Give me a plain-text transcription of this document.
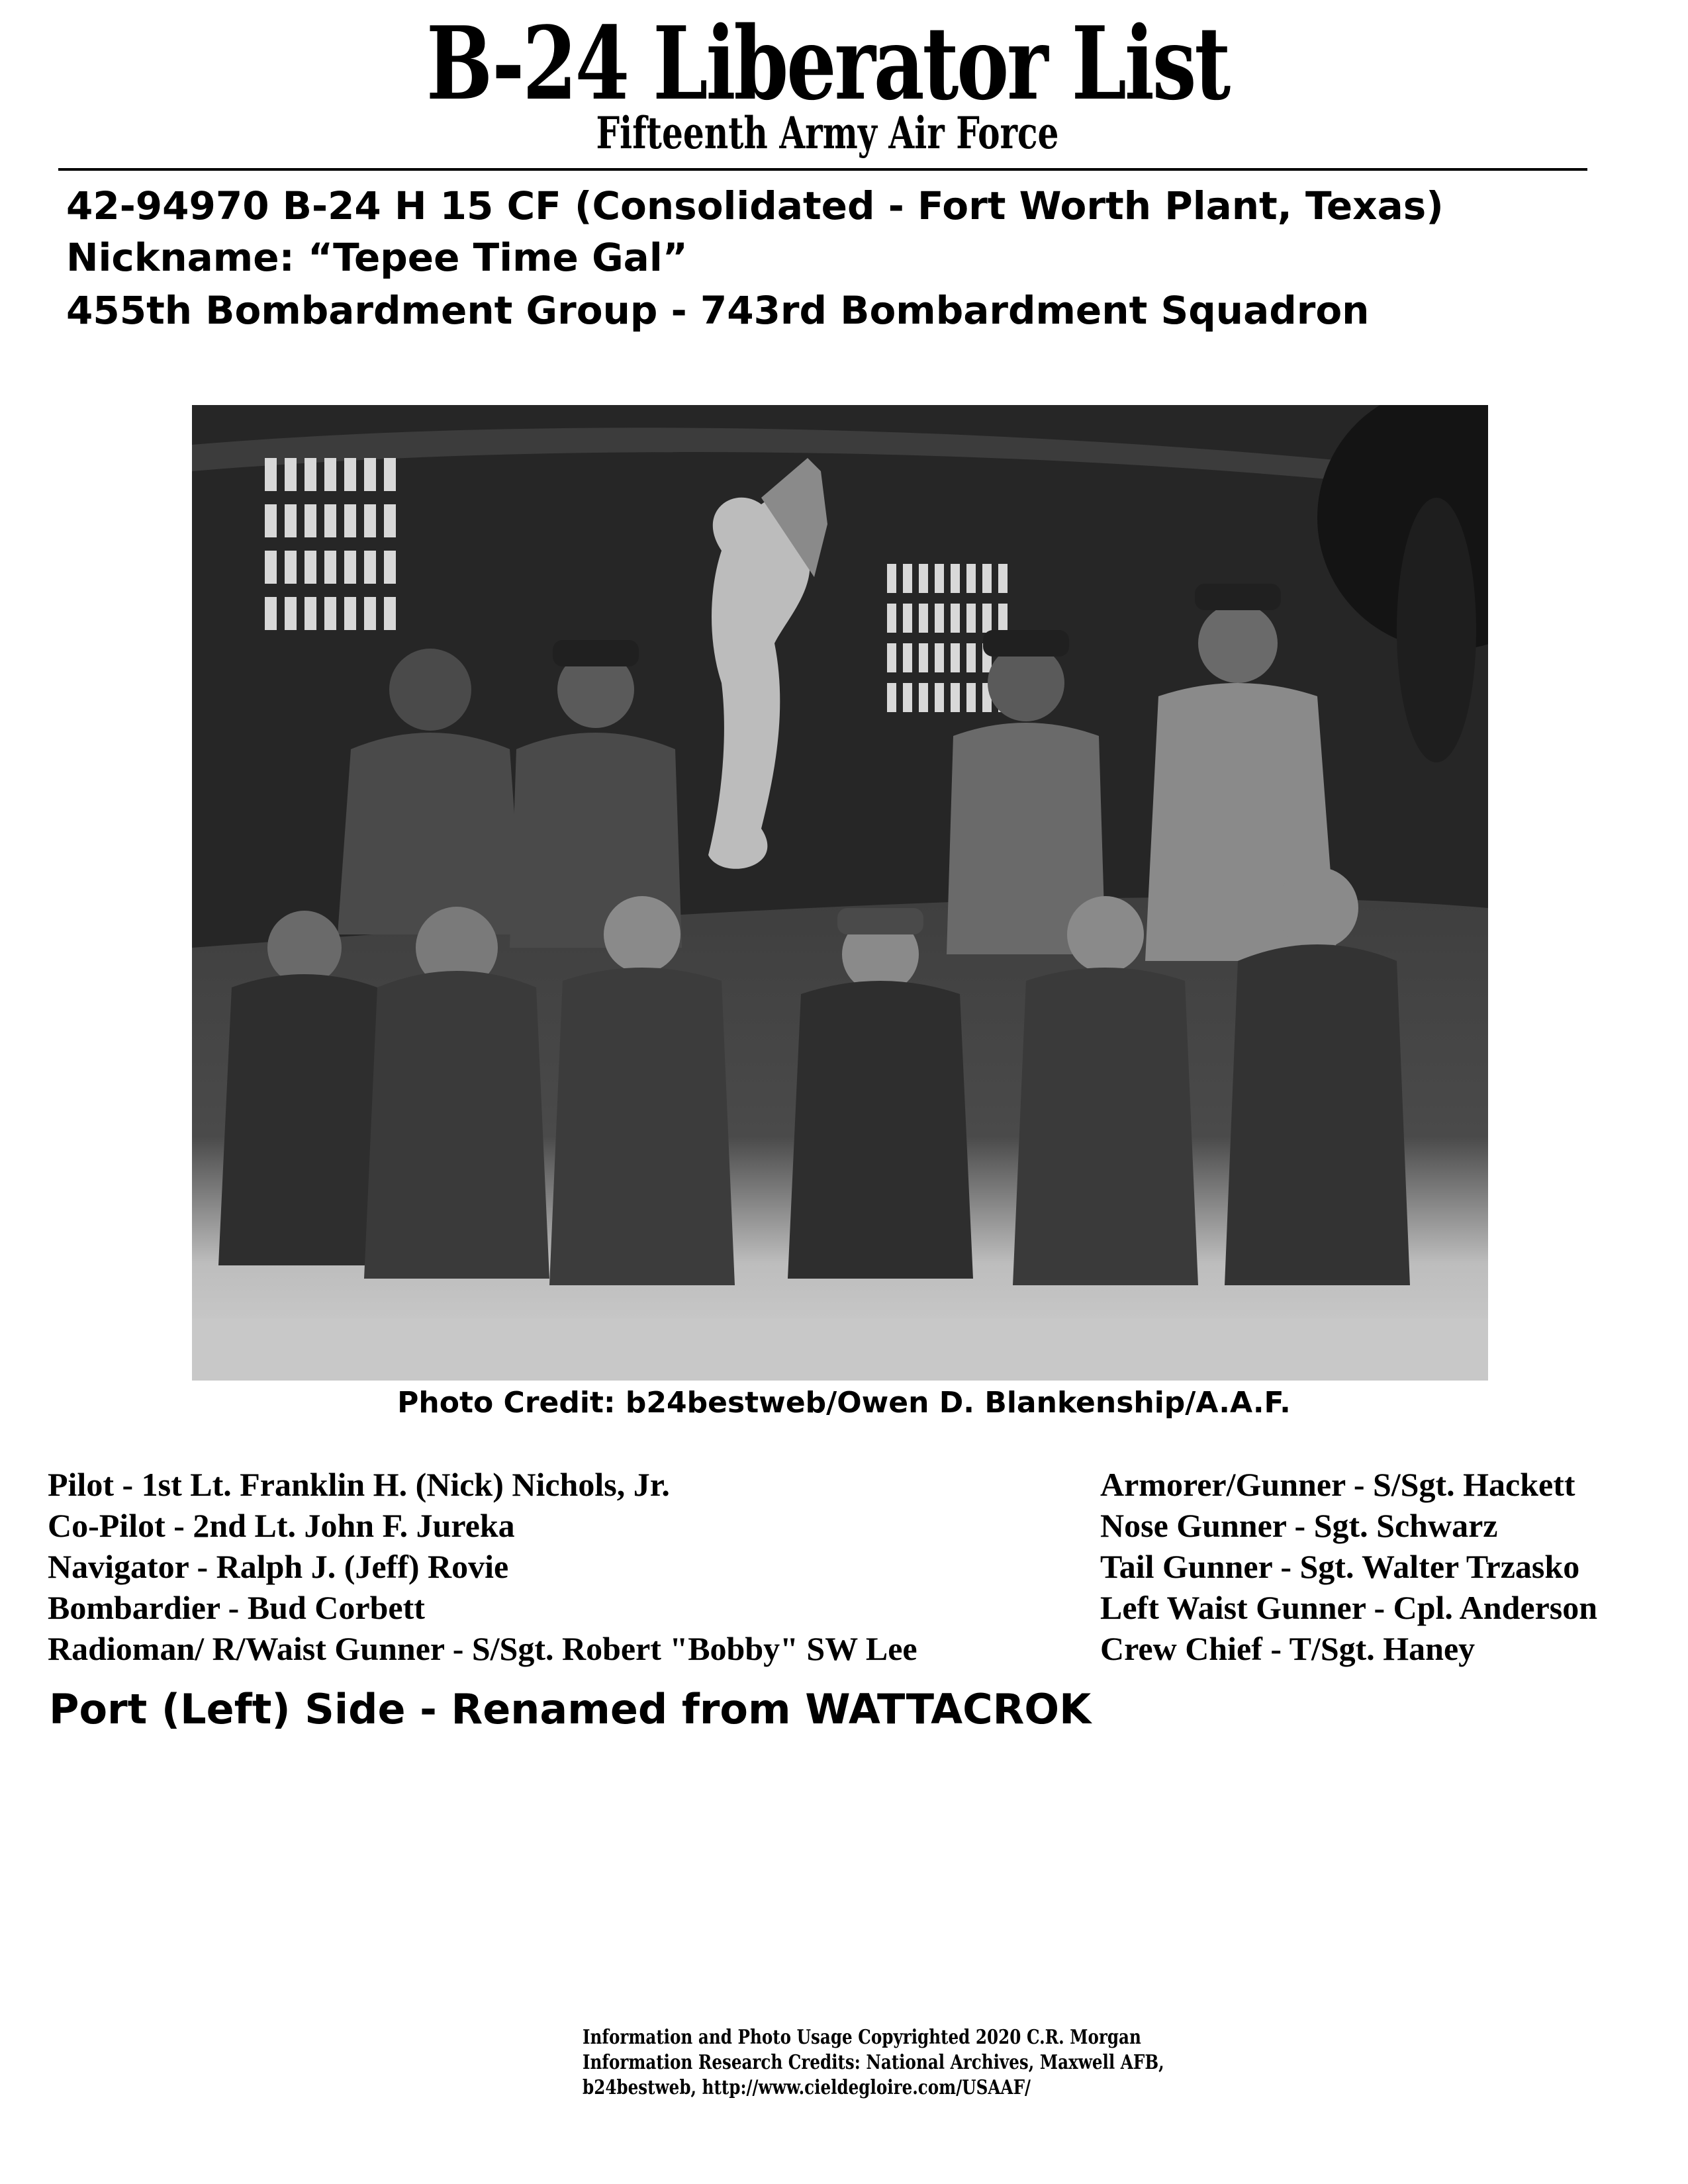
B-24 Liberator List
Fifteenth Army Air Force
42-94970 B-24 H 15 CF (Consolidated - Fort Worth Plant, Texas)
Nickname: “Tepee Time Gal”
455th Bombardment Group - 743rd Bombardment Squadron
Photo Credit: b24bestweb/Owen D. Blankenship/A.A.F.
Pilot - 1st Lt. Franklin H. (Nick) Nichols, Jr.
Co-Pilot - 2nd Lt. John F. Jureka
Navigator - Ralph J. (Jeff) Rovie
Bombardier - Bud Corbett
Radioman/ R/Waist Gunner - S/Sgt. Robert "Bobby" SW Lee
Armorer/Gunner - S/Sgt. Hackett
Nose Gunner - Sgt. Schwarz
Tail Gunner - Sgt. Walter Trzasko
Left Waist Gunner - Cpl. Anderson
Crew Chief - T/Sgt. Haney
Port (Left) Side - Renamed from WATTACROK
Information and Photo Usage Copyrighted 2020 C.R. Morgan
Information Research Credits: National Archives, Maxwell AFB,
b24bestweb, http://www.cieldegloire.com/USAAF/
